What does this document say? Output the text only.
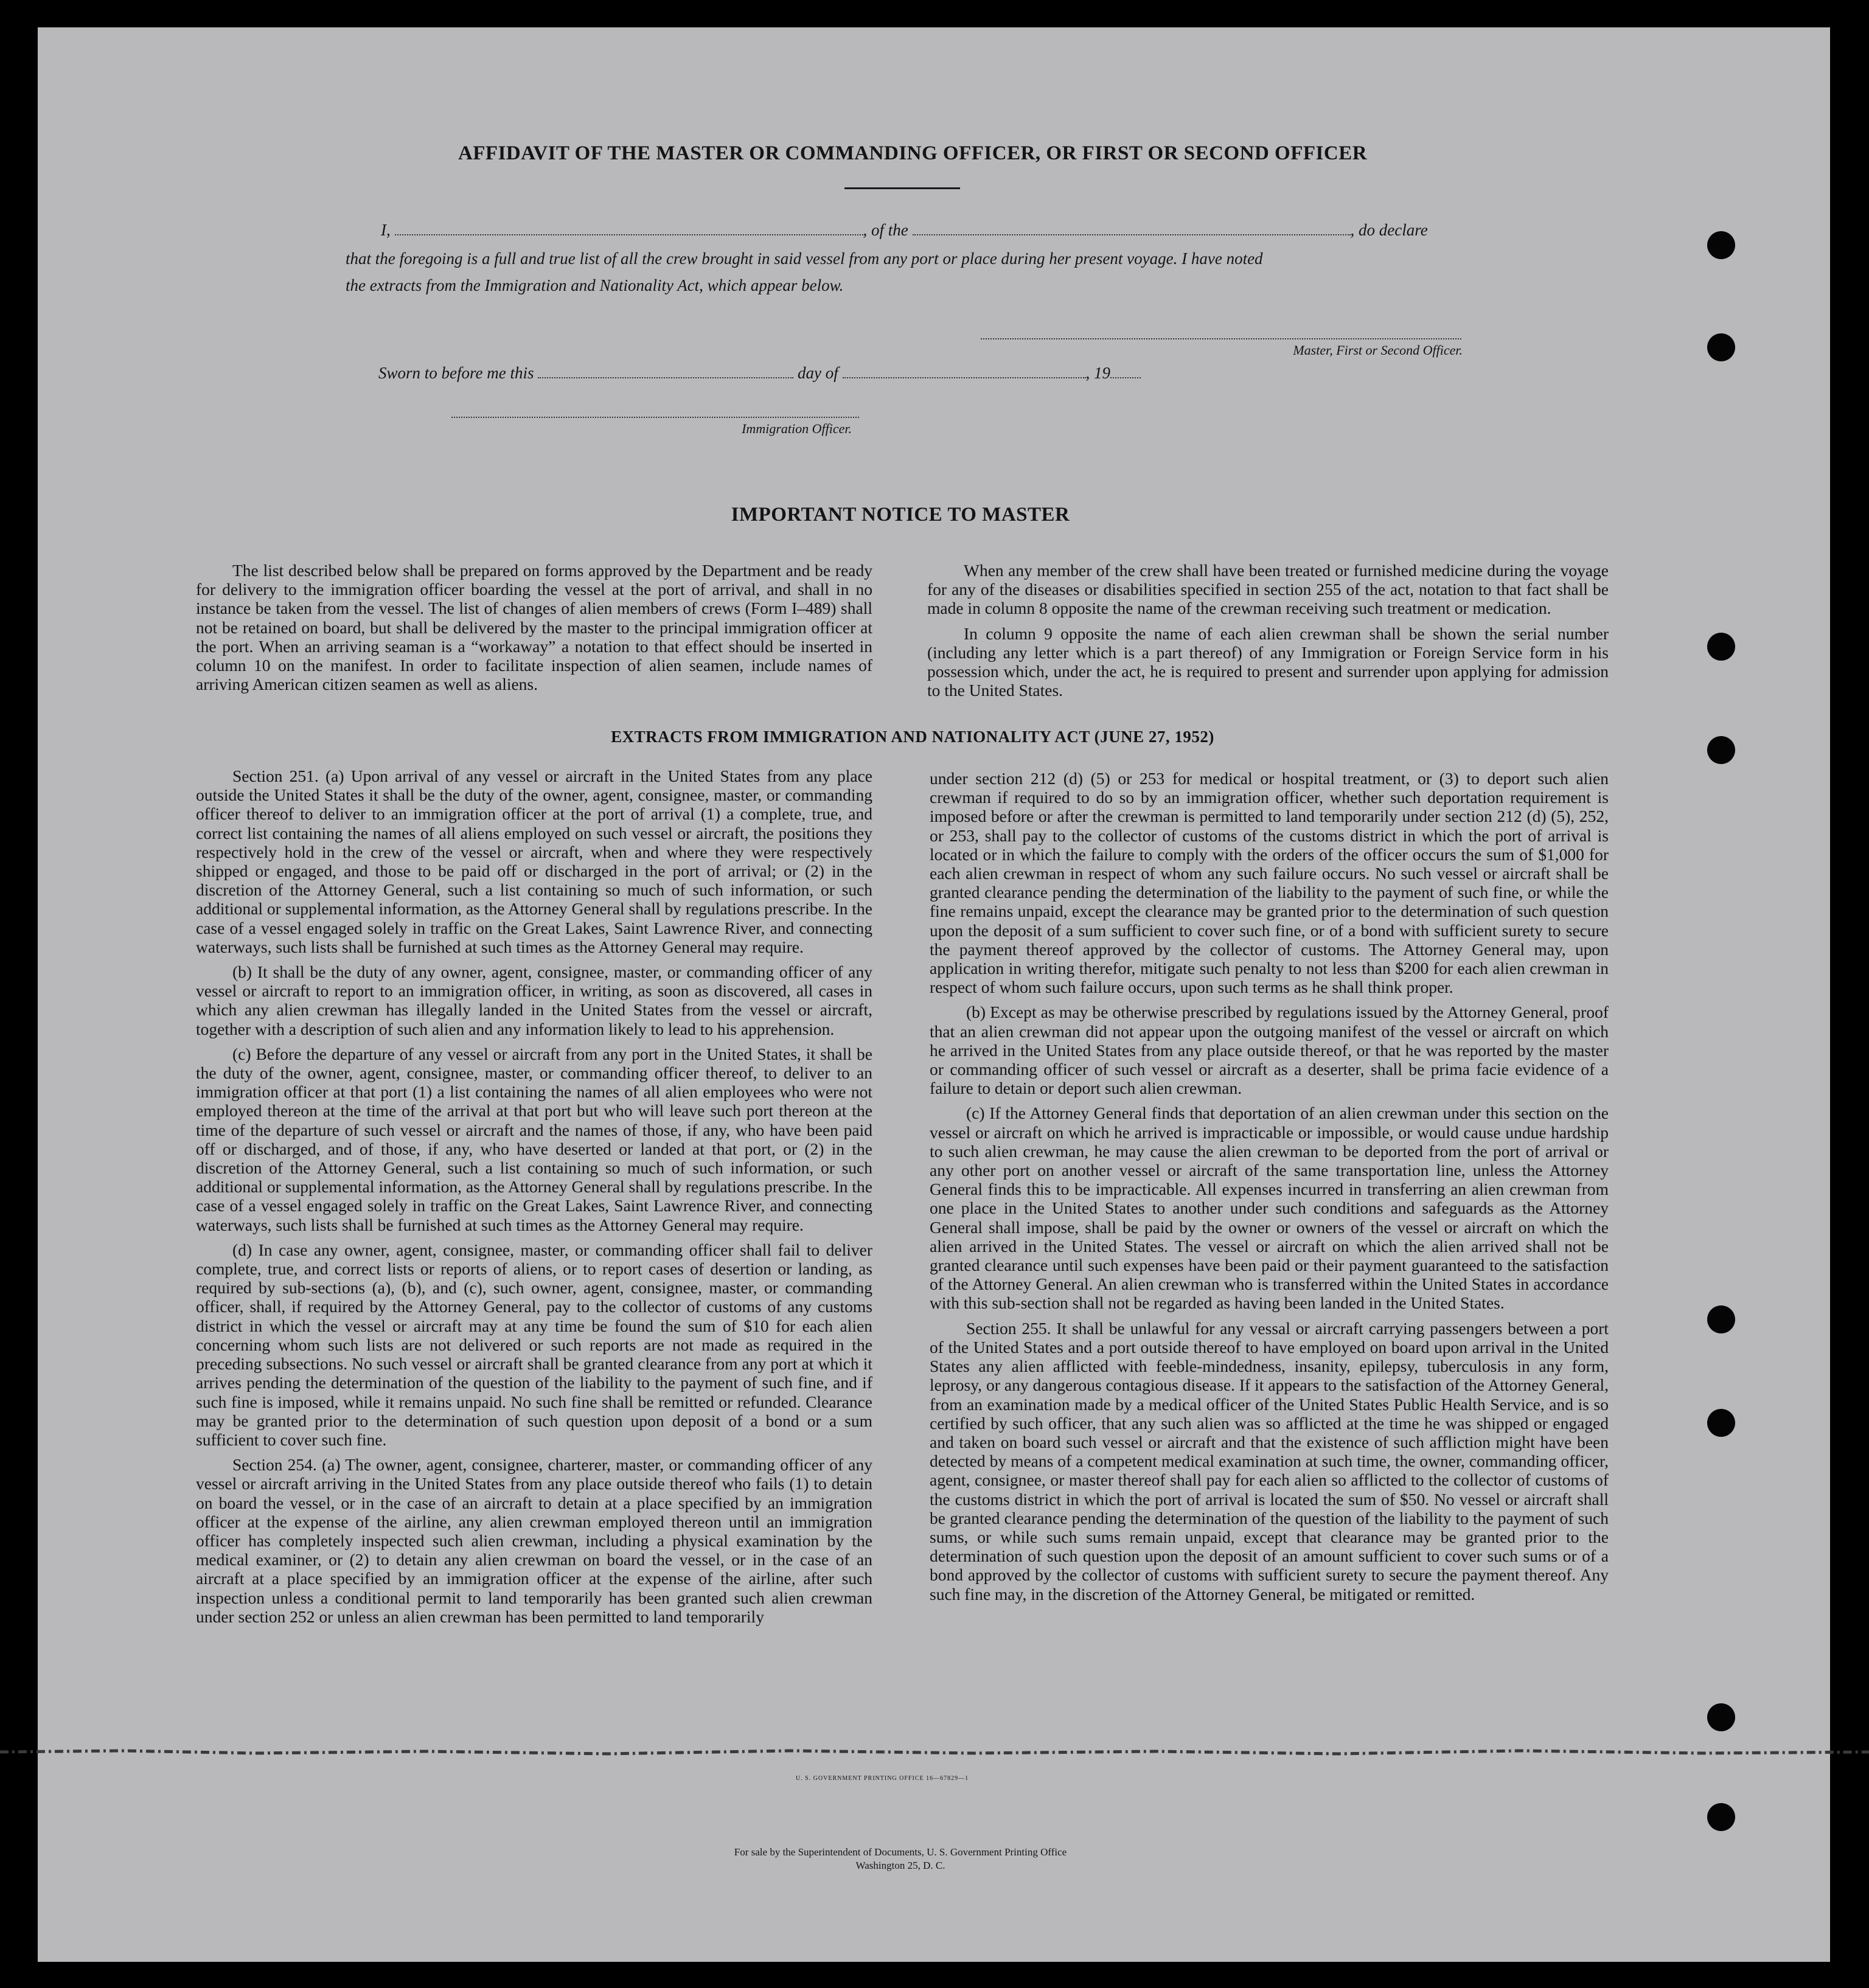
AFFIDAVIT OF THE MASTER OR COMMANDING OFFICER, OR FIRST OR SECOND OFFICER
I,	, of the	, do declare
that the foregoing is a full and true list of all the crew brought in said vessel from any port or place during her present voyage. I have noted
the extracts from the Immigration and Nationality Act, which appear below.
Master, First or Second Officer.
Sworn to before me this	day of	, 19
Immigration Officer.
IMPORTANT NOTICE TO MASTER

The list described below shall be prepared on forms approved by the Department and be ready for delivery to the immigration officer boarding the vessel at the port of arrival, and shall in no instance be taken from the vessel. The list of changes of alien members of crews (Form I–489) shall not be retained on board, but shall be delivered by the master to the principal immigration officer at the port. When an arriving seaman is a “workaway” a notation to that effect should be inserted in column 10 on the manifest. In order to facilitate inspection of alien seamen, include names of arriving American citizen seamen as well as aliens.

When any member of the crew shall have been treated or furnished medicine during the voyage for any of the diseases or disabilities specified in section 255 of the act, notation to that fact shall be made in column 8 opposite the name of the crewman receiving such treatment or medication.

In column 9 opposite the name of each alien crewman shall be shown the serial number (including any letter which is a part thereof) of any Immigration or Foreign Service form in his possession which, under the act, he is required to present and surrender upon applying for admission to the United States.

EXTRACTS FROM IMMIGRATION AND NATIONALITY ACT (JUNE 27, 1952)

Section 251. (a) Upon arrival of any vessel or aircraft in the United States from any place outside the United States it shall be the duty of the owner, agent, consignee, master, or commanding officer thereof to deliver to an immigration officer at the port of arrival (1) a complete, true, and correct list containing the names of all aliens employed on such vessel or aircraft, the positions they respectively hold in the crew of the vessel or aircraft, when and where they were respectively shipped or engaged, and those to be paid off or discharged in the port of arrival; or (2) in the discretion of the Attorney General, such a list containing so much of such information, or such additional or supplemental information, as the Attorney General shall by regulations prescribe. In the case of a vessel engaged solely in traffic on the Great Lakes, Saint Lawrence River, and connecting waterways, such lists shall be furnished at such times as the Attorney General may require.

(b) It shall be the duty of any owner, agent, consignee, master, or commanding officer of any vessel or aircraft to report to an immigration officer, in writing, as soon as discovered, all cases in which any alien crewman has illegally landed in the United States from the vessel or aircraft, together with a description of such alien and any information likely to lead to his apprehension.

(c) Before the departure of any vessel or aircraft from any port in the United States, it shall be the duty of the owner, agent, consignee, master, or commanding officer thereof, to deliver to an immigration officer at that port (1) a list containing the names of all alien employees who were not employed thereon at the time of the arrival at that port but who will leave such port thereon at the time of the departure of such vessel or aircraft and the names of those, if any, who have been paid off or discharged, and of those, if any, who have deserted or landed at that port, or (2) in the discretion of the Attorney General, such a list containing so much of such information, or such additional or supplemental information, as the Attorney General shall by regulations prescribe. In the case of a vessel engaged solely in traffic on the Great Lakes, Saint Lawrence River, and connecting waterways, such lists shall be furnished at such times as the Attorney General may require.

(d) In case any owner, agent, consignee, master, or commanding officer shall fail to deliver complete, true, and correct lists or reports of aliens, or to report cases of desertion or landing, as required by sub-sections (a), (b), and (c), such owner, agent, consignee, master, or commanding officer, shall, if required by the Attorney General, pay to the collector of customs of any customs district in which the vessel or aircraft may at any time be found the sum of $10 for each alien concerning whom such lists are not delivered or such reports are not made as required in the preceding subsections. No such vessel or aircraft shall be granted clearance from any port at which it arrives pending the determination of the question of the liability to the payment of such fine, and if such fine is imposed, while it remains unpaid. No such fine shall be remitted or refunded. Clearance may be granted prior to the determination of such question upon deposit of a bond or a sum sufficient to cover such fine.

Section 254. (a) The owner, agent, consignee, charterer, master, or commanding officer of any vessel or aircraft arriving in the United States from any place outside thereof who fails (1) to detain on board the vessel, or in the case of an aircraft to detain at a place specified by an immigration officer at the expense of the airline, any alien crewman employed thereon until an immigration officer has completely inspected such alien crewman, including a physical examination by the medical examiner, or (2) to detain any alien crewman on board the vessel, or in the case of an aircraft at a place specified by an immigration officer at the expense of the airline, after such inspection unless a conditional permit to land temporarily has been granted such alien crewman under section 252 or unless an alien crewman has been permitted to land temporarily

under section 212 (d) (5) or 253 for medical or hospital treatment, or (3) to deport such alien crewman if required to do so by an immigration officer, whether such deportation requirement is imposed before or after the crewman is permitted to land temporarily under section 212 (d) (5), 252, or 253, shall pay to the collector of customs of the customs district in which the port of arrival is located or in which the failure to comply with the orders of the officer occurs the sum of $1,000 for each alien crewman in respect of whom any such failure occurs. No such vessel or aircraft shall be granted clearance pending the determination of the liability to the payment of such fine, or while the fine remains unpaid, except the clearance may be granted prior to the determination of such question upon the deposit of a sum sufficient to cover such fine, or of a bond with sufficient surety to secure the payment thereof approved by the collector of customs. The Attorney General may, upon application in writing therefor, mitigate such penalty to not less than $200 for each alien crewman in respect of whom such failure occurs, upon such terms as he shall think proper.

(b) Except as may be otherwise prescribed by regulations issued by the Attorney General, proof that an alien crewman did not appear upon the outgoing manifest of the vessel or aircraft on which he arrived in the United States from any place outside thereof, or that he was reported by the master or commanding officer of such vessel or aircraft as a deserter, shall be prima facie evidence of a failure to detain or deport such alien crewman.

(c) If the Attorney General finds that deportation of an alien crewman under this section on the vessel or aircraft on which he arrived is impracticable or impossible, or would cause undue hardship to such alien crewman, he may cause the alien crewman to be deported from the port of arrival or any other port on another vessel or aircraft of the same transportation line, unless the Attorney General finds this to be impracticable. All expenses incurred in transferring an alien crewman from one place in the United States to another under such conditions and safeguards as the Attorney General shall impose, shall be paid by the owner or owners of the vessel or aircraft on which the alien arrived in the United States. The vessel or aircraft on which the alien arrived shall not be granted clearance until such expenses have been paid or their payment guaranteed to the satisfaction of the Attorney General. An alien crewman who is transferred within the United States in accordance with this sub-section shall not be regarded as having been landed in the United States.

Section 255. It shall be unlawful for any vessal or aircraft carrying passengers between a port of the United States and a port outside thereof to have employed on board upon arrival in the United States any alien afflicted with feeble-mindedness, insanity, epilepsy, tuberculosis in any form, leprosy, or any dangerous contagious disease. If it appears to the satisfaction of the Attorney General, from an examination made by a medical officer of the United States Public Health Service, and is so certified by such officer, that any such alien was so afflicted at the time he was shipped or engaged and taken on board such vessel or aircraft and that the existence of such affliction might have been detected by means of a competent medical examination at such time, the owner, commanding officer, agent, consignee, or master thereof shall pay for each alien so afflicted to the collector of customs of the customs district in which the port of arrival is located the sum of $50. No vessel or aircraft shall be granted clearance pending the determination of the question of the liability to the payment of such sums, or while such sums remain unpaid, except that clearance may be granted prior to the determination of such question upon the deposit of an amount sufficient to cover such sums or of a bond approved by the collector of customs with sufficient surety to secure the payment thereof. Any such fine may, in the discretion of the Attorney General, be mitigated or remitted.

U. S. GOVERNMENT PRINTING OFFICE 16—67829—1
For sale by the Superintendent of Documents, U. S. Government Printing Office
Washington 25, D. C.
